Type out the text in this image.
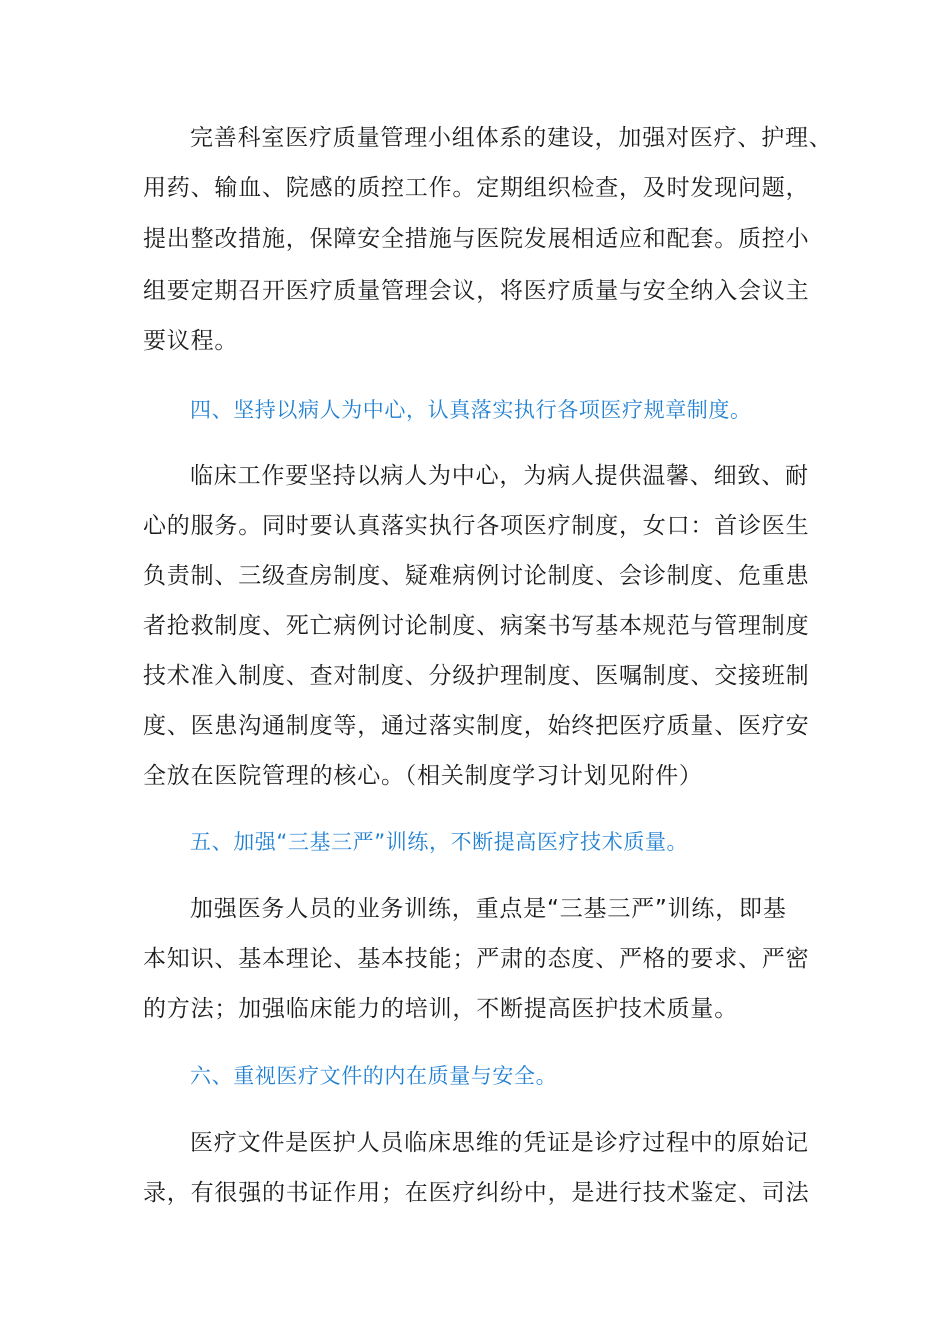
完善科室医疗质量管理小组体系的建设，加强对医疗、护理、
用药、输血、院感的质控工作。定期组织检查，及时发现问题，
提出整改措施，保障安全措施与医院发展相适应和配套。质控小
组要定期召开医疗质量管理会议，将医疗质量与安全纳入会议主
要议程。
四、坚持以病人为中心，认真落实执行各项医疗规章制度。
临床工作要坚持以病人为中心，为病人提供温馨、细致、耐
心的服务。同时要认真落实执行各项医疗制度，女口：首诊医生
负责制、三级查房制度、疑难病例讨论制度、会诊制度、危重患
者抢救制度、死亡病例讨论制度、病案书写基本规范与管理制度
技术准入制度、查对制度、分级护理制度、医嘱制度、交接班制
度、医患沟通制度等，通过落实制度，始终把医疗质量、医疗安
全放在医院管理的核心。（相关制度学习计划见附件）
五、加强“三基三严”训练，不断提高医疗技术质量。
加强医务人员的业务训练，重点是“三基三严”训练，即基
本知识、基本理论、基本技能；严肃的态度、严格的要求、严密
的方法；加强临床能力的培训，不断提高医护技术质量。
六、重视医疗文件的内在质量与安全。
医疗文件是医护人员临床思维的凭证是诊疗过程中的原始记
录，有很强的书证作用；在医疗纠纷中，是进行技术鉴定、司法
